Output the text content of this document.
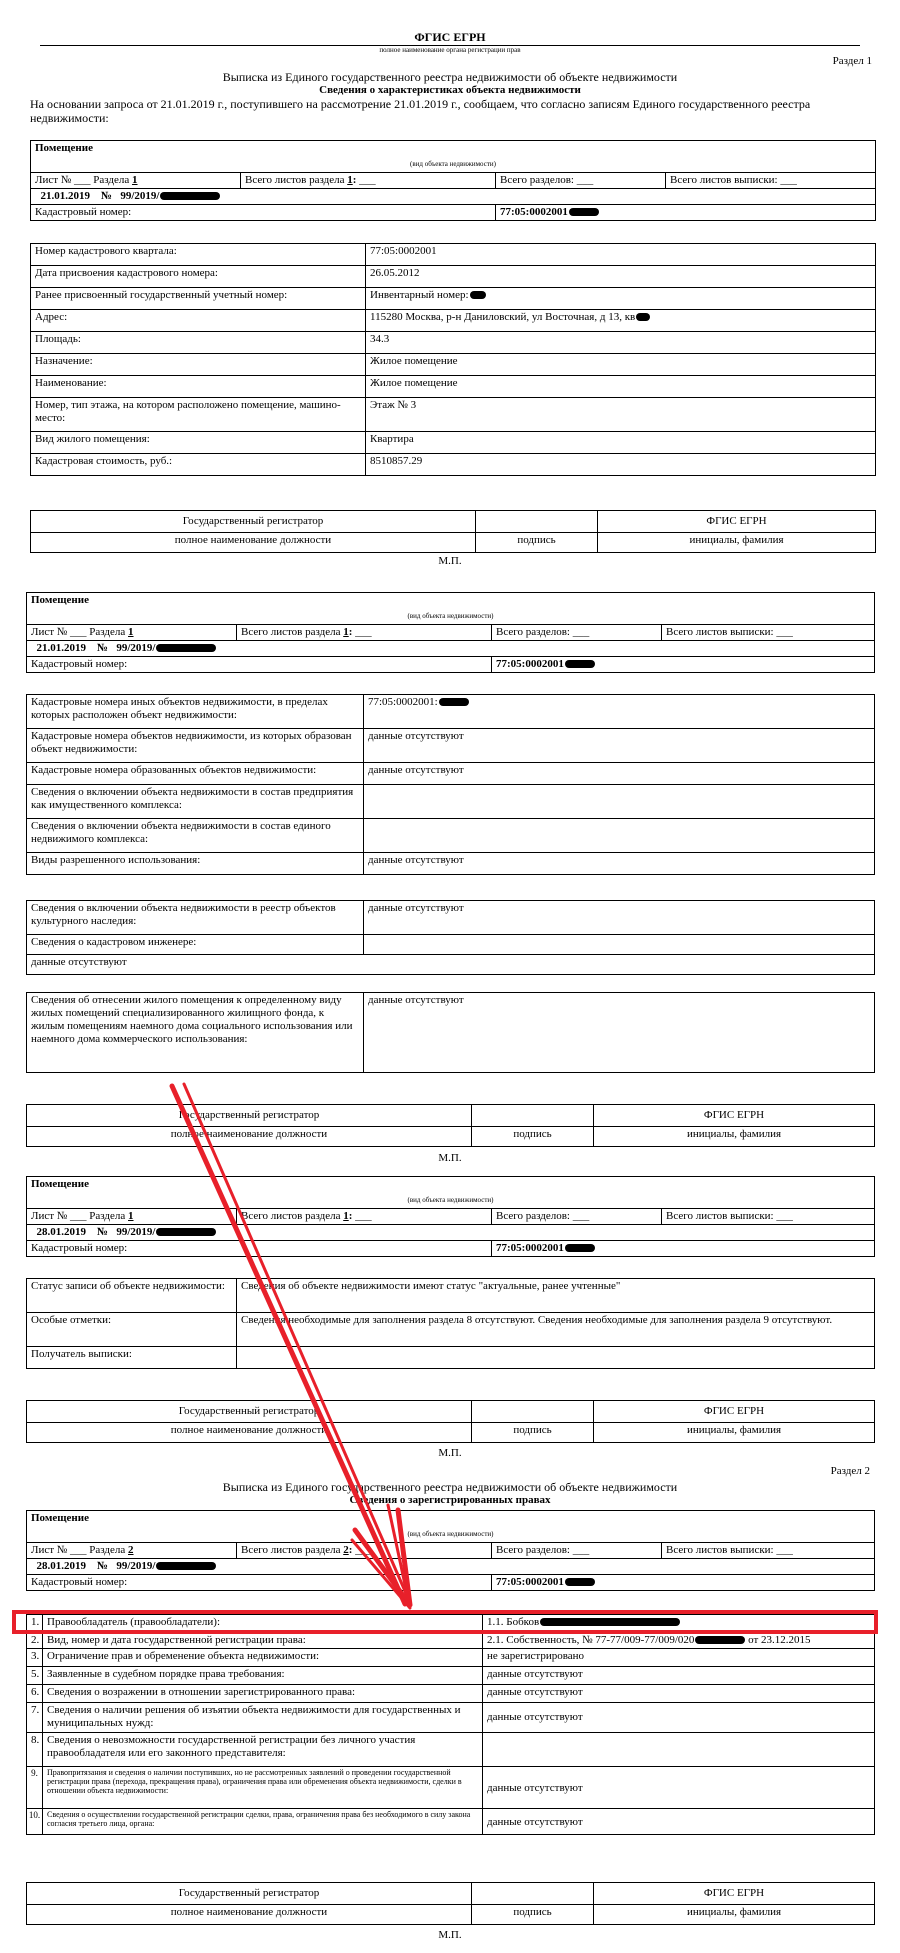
ФГИС ЕГРН
полное наименование органа регистрации прав
Раздел 1
Выписка из Единого государственного реестра недвижимости об объекте недвижимости
Сведения о характеристиках объекта недвижимости
На основании запроса от 21.01.2019 г., поступившего на рассмотрение 21.01.2019 г., сообщаем, что согласно записям Единого государственного реестра недвижимости:
Помещение			
(вид объекта недвижимости)			
Лист № ___ Раздела 1	Всего листов раздела 1: ___	Всего разделов: ___	Всего листов выписки: ___
21.01.2019 № 99/2019/			
Кадастровый номер:		77:05:0002001	
Номер кадастрового квартала:	77:05:0002001
Дата присвоения кадастрового номера:	26.05.2012
Ранее присвоенный государственный учетный номер:	Инвентарный номер:
Адрес:	115280 Москва, р-н Даниловский, ул Восточная, д 13, кв
Площадь:	34.3
Назначение:	Жилое помещение
Наименование:	Жилое помещение
Номер, тип этажа, на котором расположено помещение, машино-место:	Этаж № 3
Вид жилого помещения:	Квартира
Кадастровая стоимость, руб.:	8510857.29
Государственный регистратор		ФГИС ЕГРН
полное наименование должности	подпись	инициалы, фамилия
М.П.
Помещение			
(вид объекта недвижимости)			
Лист № ___ Раздела 1	Всего листов раздела 1: ___	Всего разделов: ___	Всего листов выписки: ___
21.01.2019 № 99/2019/			
Кадастровый номер:		77:05:0002001	
Кадастровые номера иных объектов недвижимости, в пределах которых расположен объект недвижимости:	77:05:0002001:
Кадастровые номера объектов недвижимости, из которых образован объект недвижимости:	данные отсутствуют
Кадастровые номера образованных объектов недвижимости:	данные отсутствуют
Сведения о включении объекта недвижимости в состав предприятия как имущественного комплекса:	
Сведения о включении объекта недвижимости в состав единого недвижимого комплекса:	
Виды разрешенного использования:	данные отсутствуют
Сведения о включении объекта недвижимости в реестр объектов культурного наследия:	данные отсутствуют
Сведения о кадастровом инженере:	
данные отсутствуют	
Сведения об отнесении жилого помещения к определенному виду жилых помещений специализированного жилищного фонда, к жилым помещениям наемного дома социального использования или наемного дома коммерческого использования:	данные отсутствуют
Государственный регистратор		ФГИС ЕГРН
полное наименование должности	подпись	инициалы, фамилия
М.П.
Помещение			
(вид объекта недвижимости)			
Лист № ___ Раздела 1	Всего листов раздела 1: ___	Всего разделов: ___	Всего листов выписки: ___
28.01.2019 № 99/2019/			
Кадастровый номер:		77:05:0002001	
Статус записи об объекте недвижимости:	Сведения об объекте недвижимости имеют статус "актуальные, ранее учтенные"
Особые отметки:	Сведения необходимые для заполнения раздела 8 отсутствуют. Сведения необходимые для заполнения раздела 9 отсутствуют.
Получатель выписки:	
Государственный регистратор		ФГИС ЕГРН
полное наименование должности	подпись	инициалы, фамилия
М.П.
Раздел 2
Выписка из Единого государственного реестра недвижимости об объекте недвижимости
Сведения о зарегистрированных правах
Помещение			
(вид объекта недвижимости)			
Лист № ___ Раздела 2	Всего листов раздела 2: ___	Всего разделов: ___	Всего листов выписки: ___
28.01.2019 № 99/2019/			
Кадастровый номер:		77:05:0002001	
1.	Правообладатель (правообладатели):	1.1. Бобков
2.	Вид, номер и дата государственной регистрации права:	2.1. Собственность, № 77-77/009-77/009/020 от 23.12.2015
3.	Ограничение прав и обременение объекта недвижимости:	не зарегистрировано
5.	Заявленные в судебном порядке права требования:	данные отсутствуют
6.	Сведения о возражении в отношении зарегистрированного права:	данные отсутствуют
7.	Сведения о наличии решения об изъятии объекта недвижимости для государственных и муниципальных нужд:	данные отсутствуют
8.	Сведения о невозможности государственной регистрации без личного участия правообладателя или его законного представителя:	
9.	Правопритязания и сведения о наличии поступивших, но не рассмотренных заявлений о проведении государственной регистрации права (перехода, прекращения права), ограничения права или обременения объекта недвижимости, сделки в отношении объекта недвижимости:	данные отсутствуют
10.	Сведения о осуществлении государственной регистрации сделки, права, ограничения права без необходимого в силу закона согласия третьего лица, органа:	данные отсутствуют
Государственный регистратор		ФГИС ЕГРН
полное наименование должности	подпись	инициалы, фамилия
М.П.
